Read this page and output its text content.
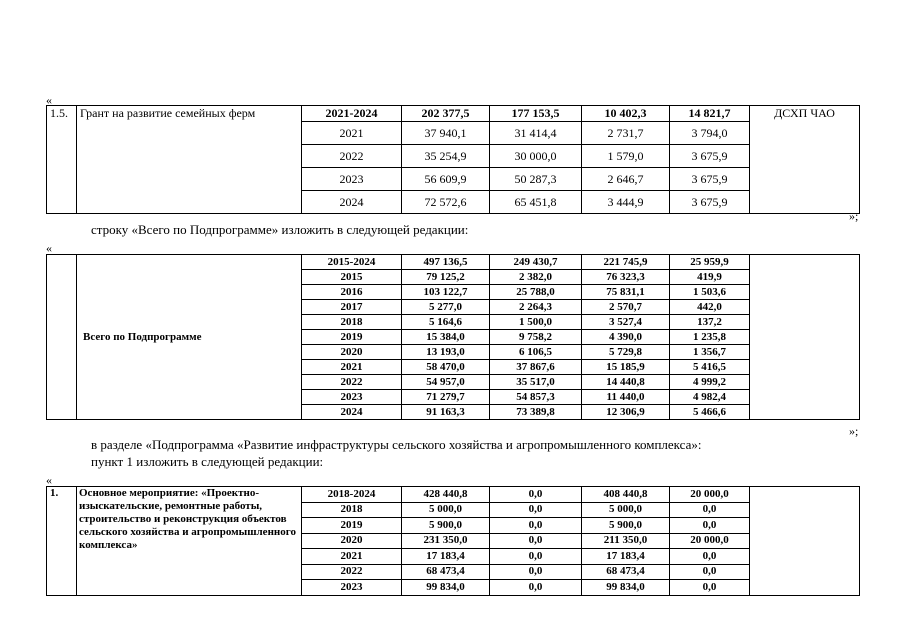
«
1.5.	Грант на развитие семейных ферм	2021-2024	202 377,5	177 153,5	10 402,3	14 821,7	ДСХП ЧАО
		2021	37 940,1	31 414,4	2 731,7	3 794,0	
		2022	35 254,9	30 000,0	1 579,0	3 675,9	
		2023	56 609,9	50 287,3	2 646,7	3 675,9	
		2024	72 572,6	65 451,8	3 444,9	3 675,9	
»;
строку «Всего по Подпрограмме» изложить в следующей редакции:
«
	Всего по Подпрограмме	2015-2024	497 136,5	249 430,7	221 745,9	25 959,9	
		2015	79 125,2	2 382,0	76 323,3	419,9	
		2016	103 122,7	25 788,0	75 831,1	1 503,6	
		2017	5 277,0	2 264,3	2 570,7	442,0	
		2018	5 164,6	1 500,0	3 527,4	137,2	
		2019	15 384,0	9 758,2	4 390,0	1 235,8	
		2020	13 193,0	6 106,5	5 729,8	1 356,7	
		2021	58 470,0	37 867,6	15 185,9	5 416,5	
		2022	54 957,0	35 517,0	14 440,8	4 999,2	
		2023	71 279,7	54 857,3	11 440,0	4 982,4	
		2024	91 163,3	73 389,8	12 306,9	5 466,6	
»;
в разделе «Подпрограмма «Развитие инфраструктуры сельского хозяйства и агропромышленного комплекса»:
пункт 1 изложить в следующей редакции:
«
1.	Основное мероприятие: «Проектно-изыскательские, ремонтные работы, строительство и реконструкция объектов сельского хозяйства и агропромышленного комплекса»	2018-2024	428 440,8	0,0	408 440,8	20 000,0	
		2018	5 000,0	0,0	5 000,0	0,0	
		2019	5 900,0	0,0	5 900,0	0,0	
		2020	231 350,0	0,0	211 350,0	20 000,0	
		2021	17 183,4	0,0	17 183,4	0,0	
		2022	68 473,4	0,0	68 473,4	0,0	
		2023	99 834,0	0,0	99 834,0	0,0	
